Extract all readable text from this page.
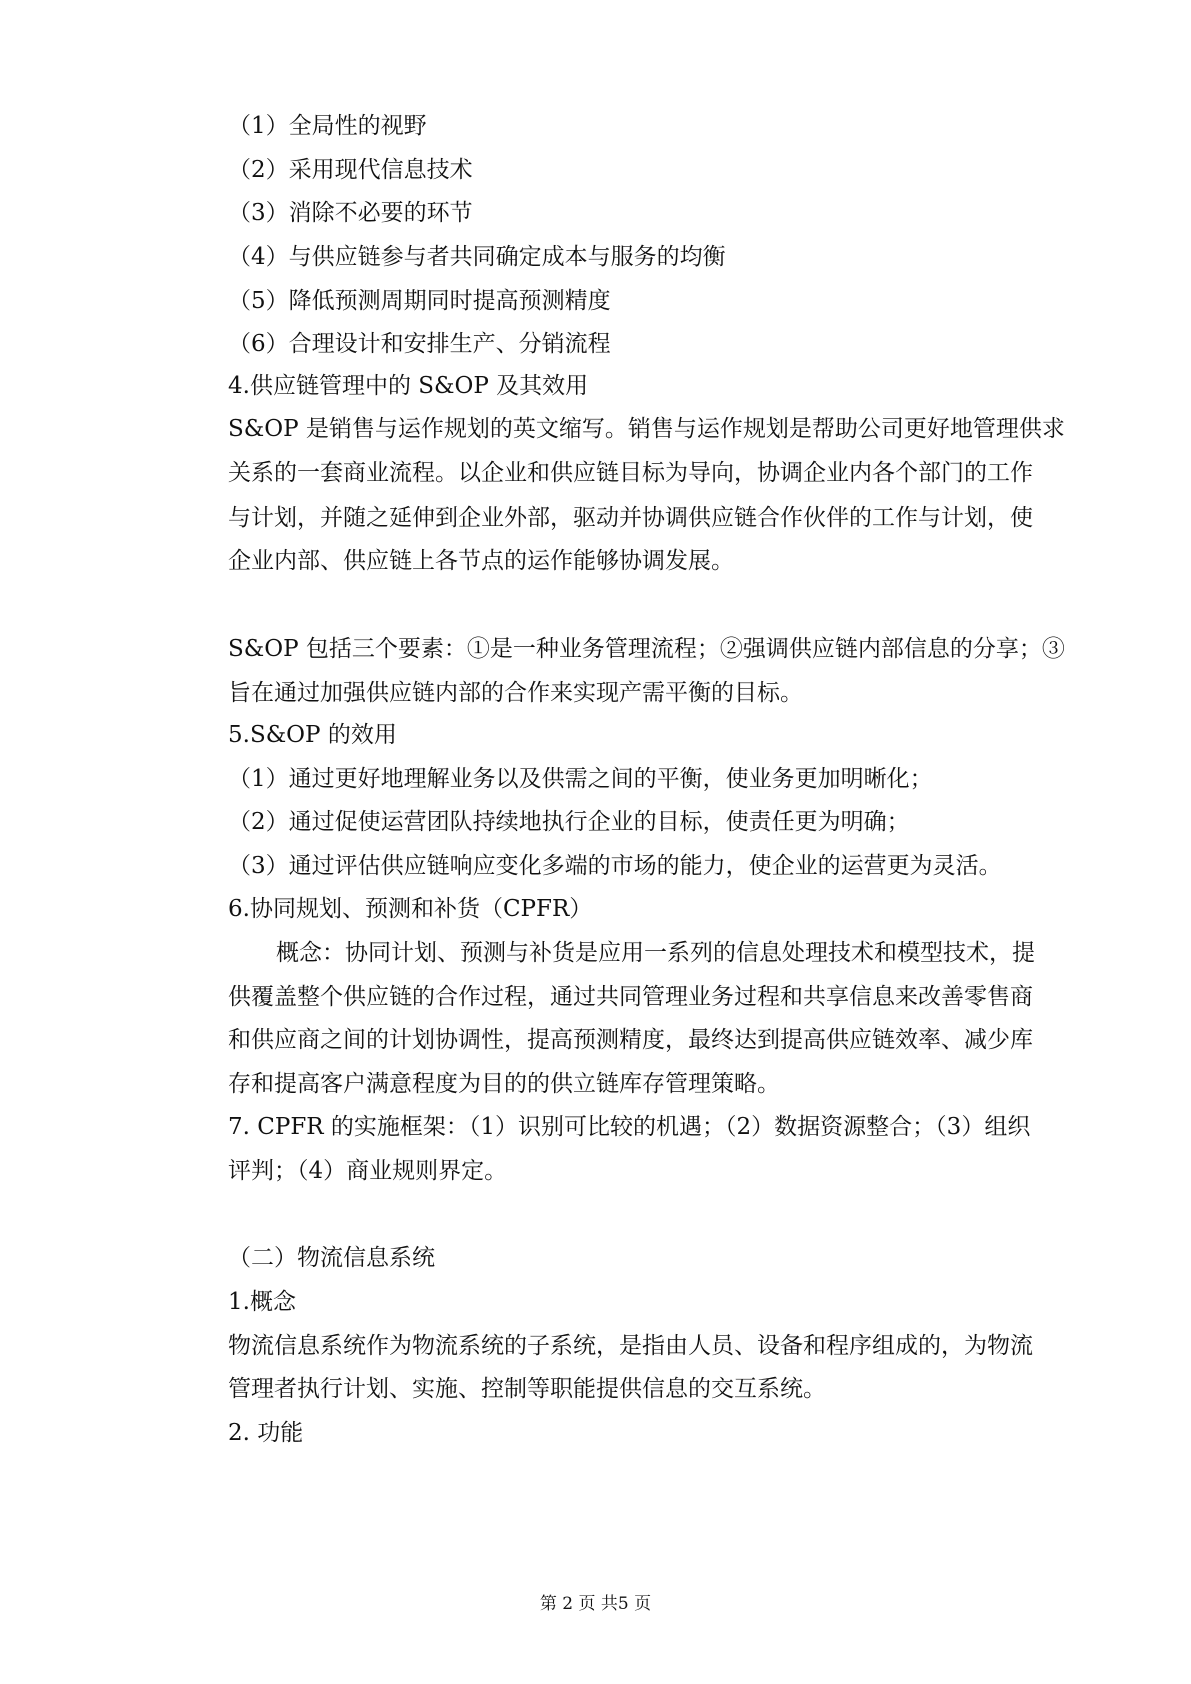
（1）全局性的视野
（2）采用现代信息技术
（3）消除不必要的环节
（4）与供应链参与者共同确定成本与服务的均衡
（5）降低预测周期同时提高预测精度
（6）合理设计和安排生产、分销流程
4.供应链管理中的 S&OP 及其效用
S&OP 是销售与运作规划的英文缩写。销售与运作规划是帮助公司更好地管理供求
关系的一套商业流程。以企业和供应链目标为导向，协调企业内各个部门的工作
与计划，并随之延伸到企业外部，驱动并协调供应链合作伙伴的工作与计划，使
企业内部、供应链上各节点的运作能够协调发展。
S&OP 包括三个要素：①是一种业务管理流程；②强调供应链内部信息的分享；③
旨在通过加强供应链内部的合作来实现产需平衡的目标。
5.S&OP 的效用
（1）通过更好地理解业务以及供需之间的平衡，使业务更加明晰化；
（2）通过促使运营团队持续地执行企业的目标，使责任更为明确；
（3）通过评估供应链响应变化多端的市场的能力，使企业的运营更为灵活。
6.协同规划、预测和补货（CPFR）
概念：协同计划、预测与补货是应用一系列的信息处理技术和模型技术，提
供覆盖整个供应链的合作过程，通过共同管理业务过程和共享信息来改善零售商
和供应商之间的计划协调性，提高预测精度，最终达到提高供应链效率、减少库
存和提高客户满意程度为目的的供立链库存管理策略。
7. CPFR 的实施框架：（1）识别可比较的机遇；（2）数据资源整合；（3）组织
评判；（4）商业规则界定。
（二）物流信息系统
1.概念
物流信息系统作为物流系统的子系统，是指由人员、设备和程序组成的，为物流
管理者执行计划、实施、控制等职能提供信息的交互系统。
2. 功能
第 2 页 共5 页
